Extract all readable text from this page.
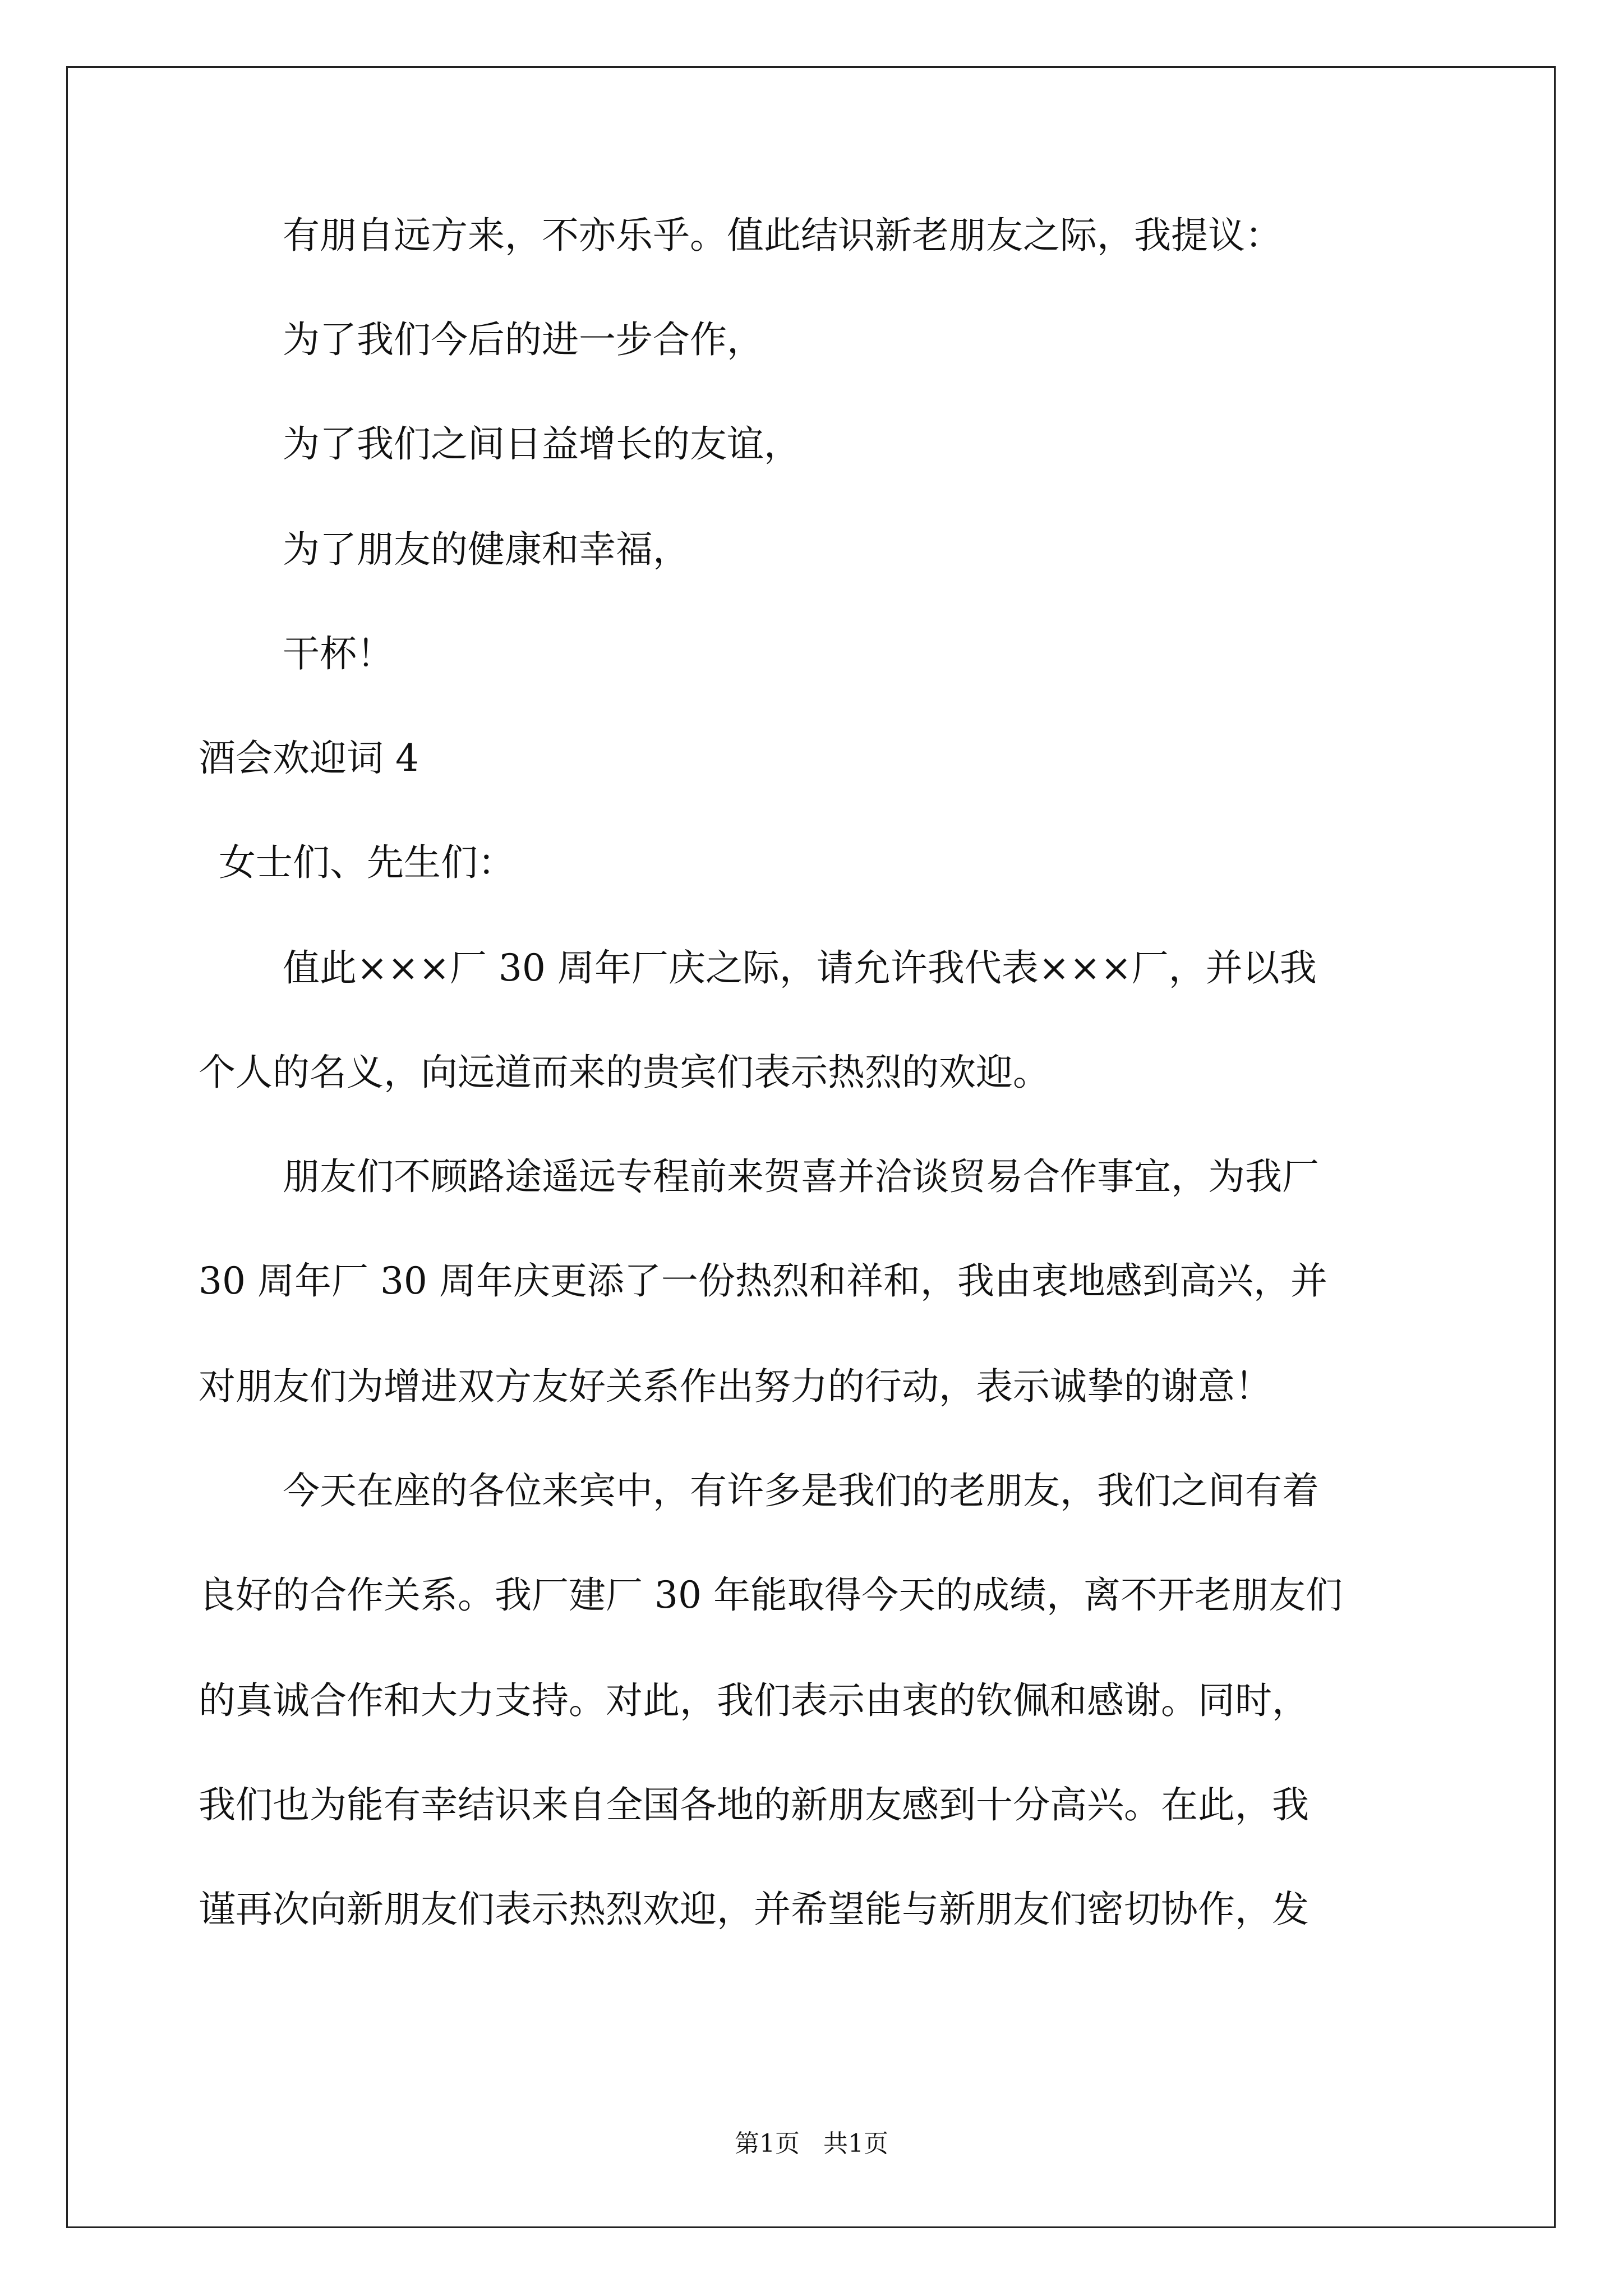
有朋自远方来，不亦乐乎。值此结识新老朋友之际，我提议：

为了我们今后的进一步合作，

为了我们之间日益增长的友谊，

为了朋友的健康和幸福，

干杯！

酒会欢迎词 4

女士们、先生们：

值此×××厂 30 周年厂庆之际，请允许我代表×××厂，并以我

个人的名义，向远道而来的贵宾们表示热烈的欢迎。

朋友们不顾路途遥远专程前来贺喜并洽谈贸易合作事宜，为我厂

30 周年厂 30 周年庆更添了一份热烈和祥和，我由衷地感到高兴，并

对朋友们为增进双方友好关系作出努力的行动，表示诚挚的谢意！

今天在座的各位来宾中，有许多是我们的老朋友，我们之间有着

良好的合作关系。我厂建厂 30 年能取得今天的成绩，离不开老朋友们

的真诚合作和大力支持。对此，我们表示由衷的钦佩和感谢。同时，

我们也为能有幸结识来自全国各地的新朋友感到十分高兴。在此，我

谨再次向新朋友们表示热烈欢迎，并希望能与新朋友们密切协作，发

第1页 共1页
